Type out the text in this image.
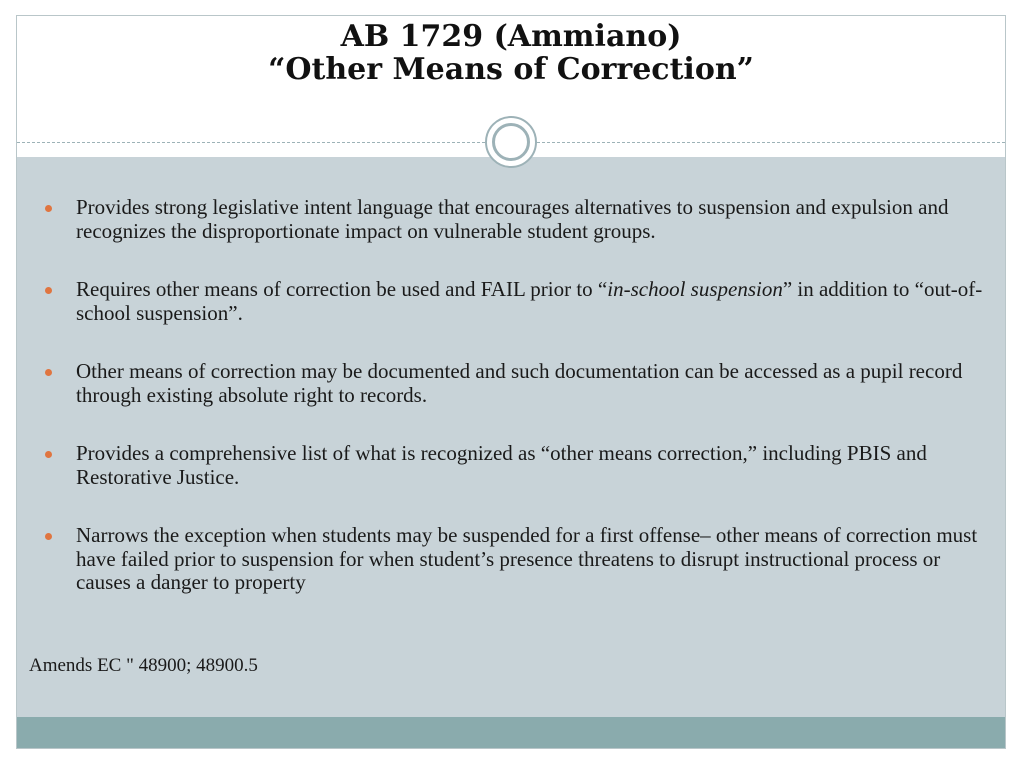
AB 1729 (Ammiano)
“Other Means of Correction”
Provides strong legislative intent language that encourages alternatives to suspension and expulsion and recognizes the disproportionate impact on vulnerable student groups.
Requires other means of correction be used and FAIL prior to “in-school suspension” in addition to “out-of-school suspension”.
Other means of correction may be documented and such documentation can be accessed as a pupil record through existing absolute right to records.
Provides a comprehensive list of what is recognized as “other means correction,” including PBIS and Restorative Justice.
Narrows the exception when students may be suspended for a first offense– other means of correction must have failed prior to suspension for when student’s presence threatens to disrupt instructional process or causes a danger to property
Amends EC " 48900; 48900.5
